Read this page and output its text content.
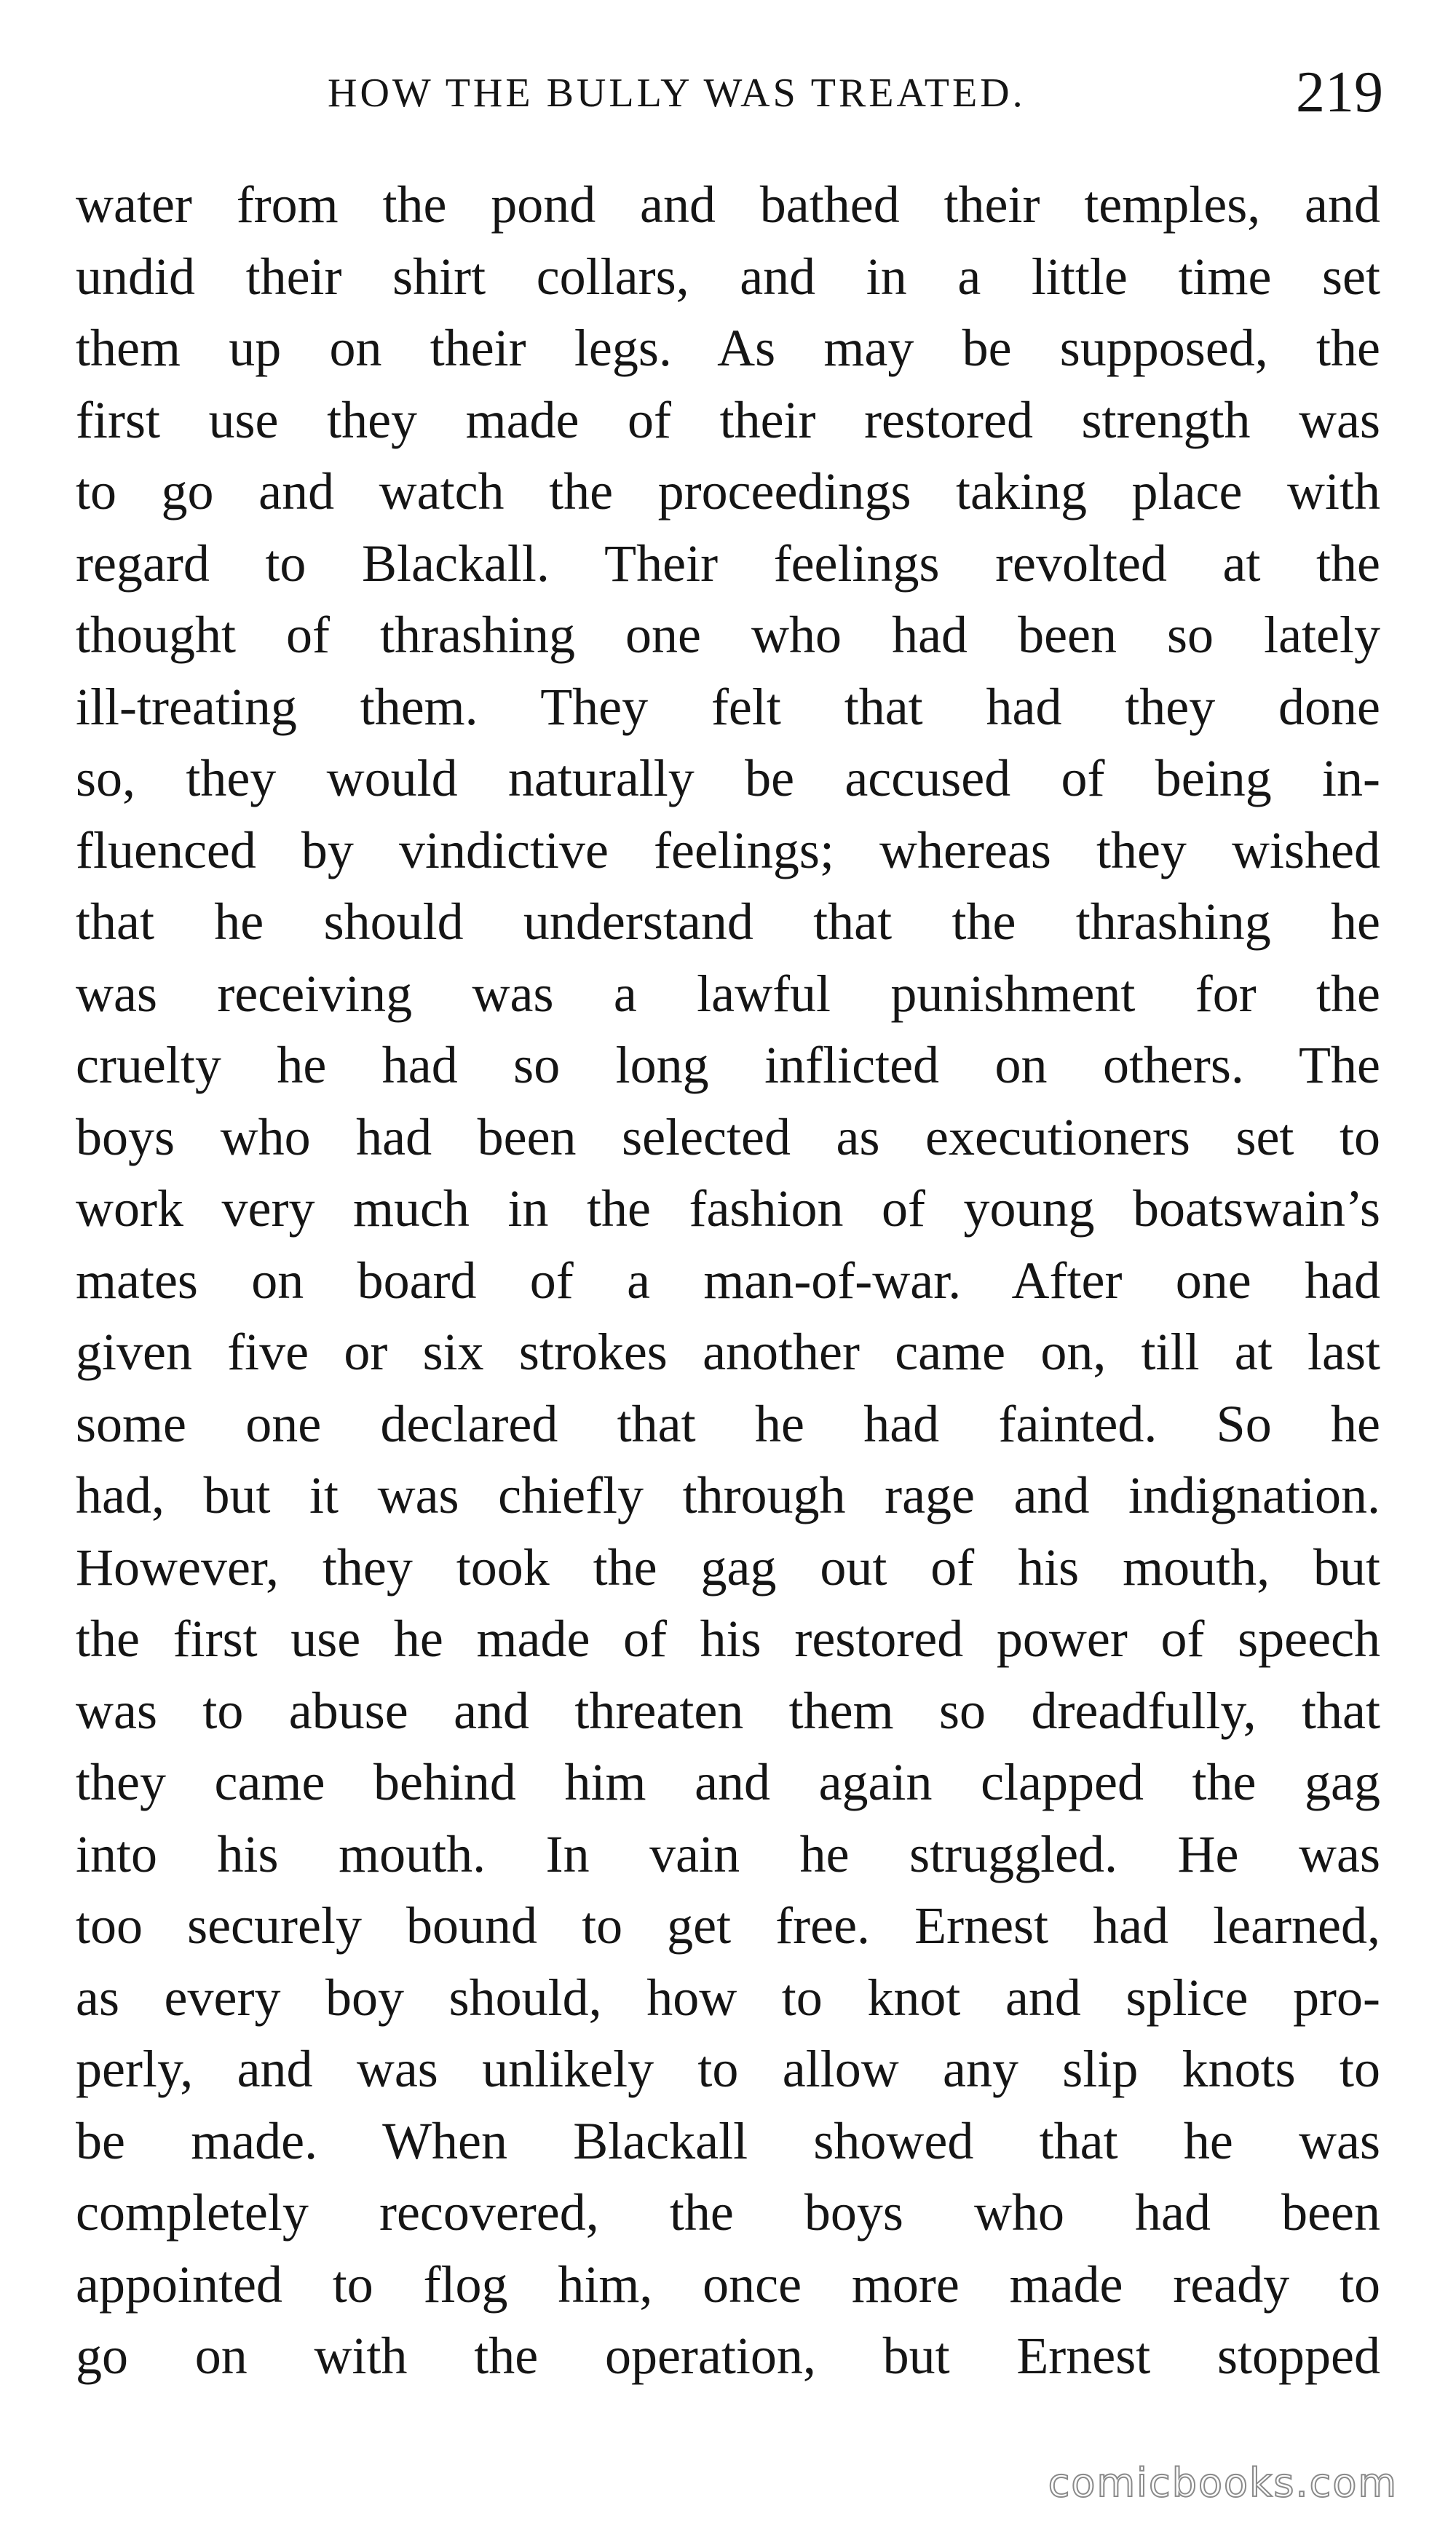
HOW THE BULLY WAS TREATED.	219
water from the pond and bathed their temples, and
undid their shirt collars, and in a little time set
them up on their legs. As may be supposed, the
first use they made of their restored strength was
to go and watch the proceedings taking place with
regard to Blackall. Their feelings revolted at the
thought of thrashing one who had been so lately
ill-treating them. They felt that had they done
so, they would naturally be accused of being in-
fluenced by vindictive feelings; whereas they wished
that he should understand that the thrashing he
was receiving was a lawful punishment for the
cruelty he had so long inflicted on others. The
boys who had been selected as executioners set to
work very much in the fashion of young boatswain’s
mates on board of a man-of-war. After one had
given five or six strokes another came on, till at last
some one declared that he had fainted. So he
had, but it was chiefly through rage and indignation.
However, they took the gag out of his mouth, but
the first use he made of his restored power of speech
was to abuse and threaten them so dreadfully, that
they came behind him and again clapped the gag
into his mouth. In vain he struggled. He was
too securely bound to get free. Ernest had learned,
as every boy should, how to knot and splice pro-
perly, and was unlikely to allow any slip knots to
be made. When Blackall showed that he was
completely recovered, the boys who had been
appointed to flog him, once more made ready to
go on with the operation, but Ernest stopped
comicbooks.com
